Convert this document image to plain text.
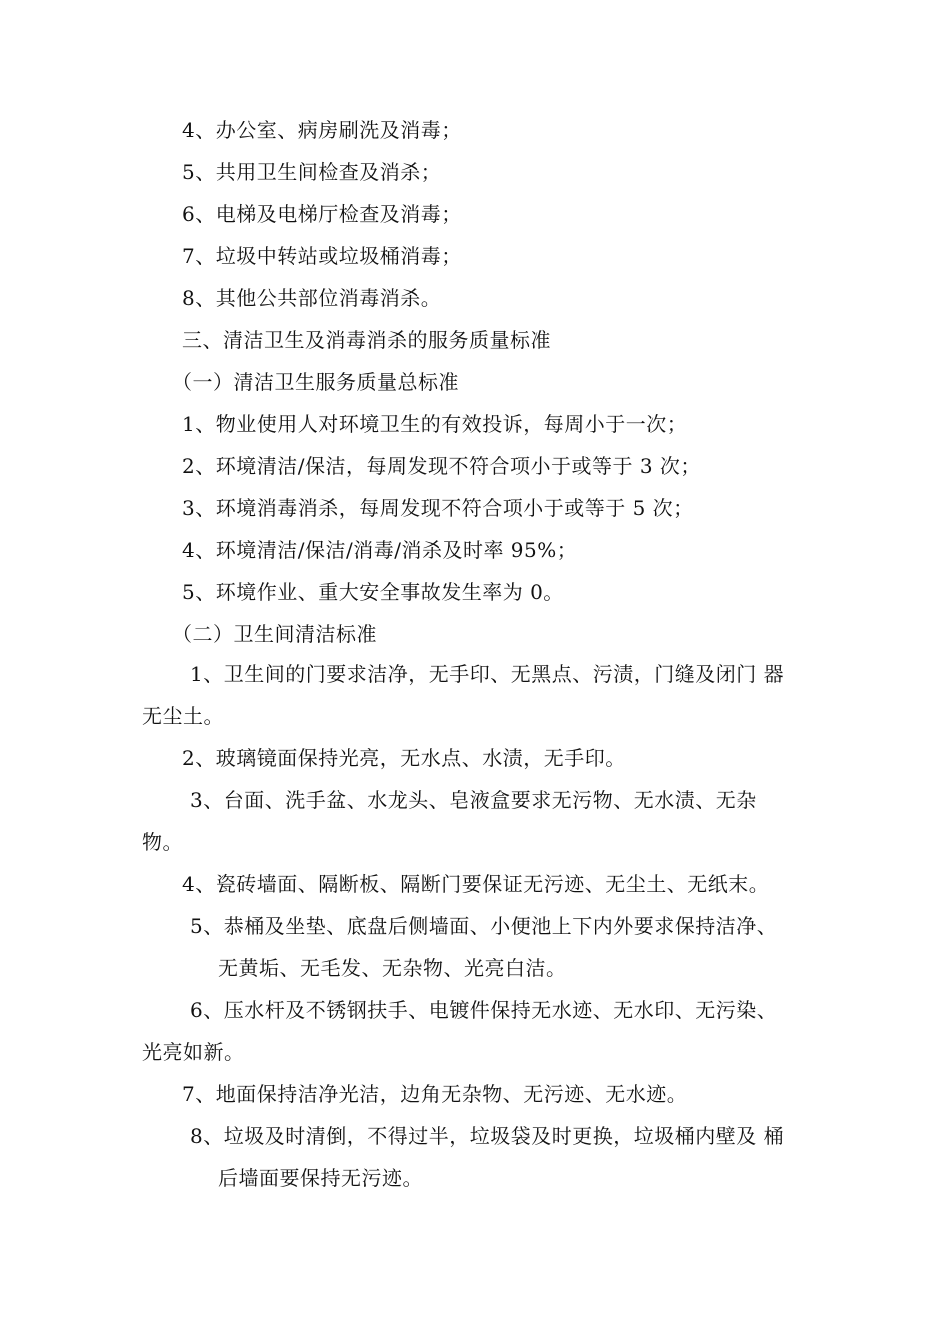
4、办公室、病房刷洗及消毒；
5、共用卫生间检查及消杀；
6、电梯及电梯厅检查及消毒；
7、垃圾中转站或垃圾桶消毒；
8、其他公共部位消毒消杀。
三、清洁卫生及消毒消杀的服务质量标准
（一）清洁卫生服务质量总标准
1、物业使用人对环境卫生的有效投诉，每周小于一次；
2、环境清洁/保洁，每周发现不符合项小于或等于 3 次；
3、环境消毒消杀，每周发现不符合项小于或等于 5 次；
4、环境清洁/保洁/消毒/消杀及时率 95%；
5、环境作业、重大安全事故发生率为 0。
（二）卫生间清洁标准
1、卫生间的门要求洁净，无手印、无黑点、污渍，门缝及闭门 器
无尘土。
2、玻璃镜面保持光亮，无水点、水渍，无手印。
3、台面、洗手盆、水龙头、皂液盒要求无污物、无水渍、无杂
物。
4、瓷砖墙面、隔断板、隔断门要保证无污迹、无尘土、无纸末。
5、恭桶及坐垫、底盘后侧墙面、小便池上下内外要求保持洁净、
无黄垢、无毛发、无杂物、光亮白洁。
6、压水杆及不锈钢扶手、电镀件保持无水迹、无水印、无污染、
光亮如新。
7、地面保持洁净光洁，边角无杂物、无污迹、无水迹。
8、垃圾及时清倒，不得过半，垃圾袋及时更换，垃圾桶内壁及 桶
后墙面要保持无污迹。
